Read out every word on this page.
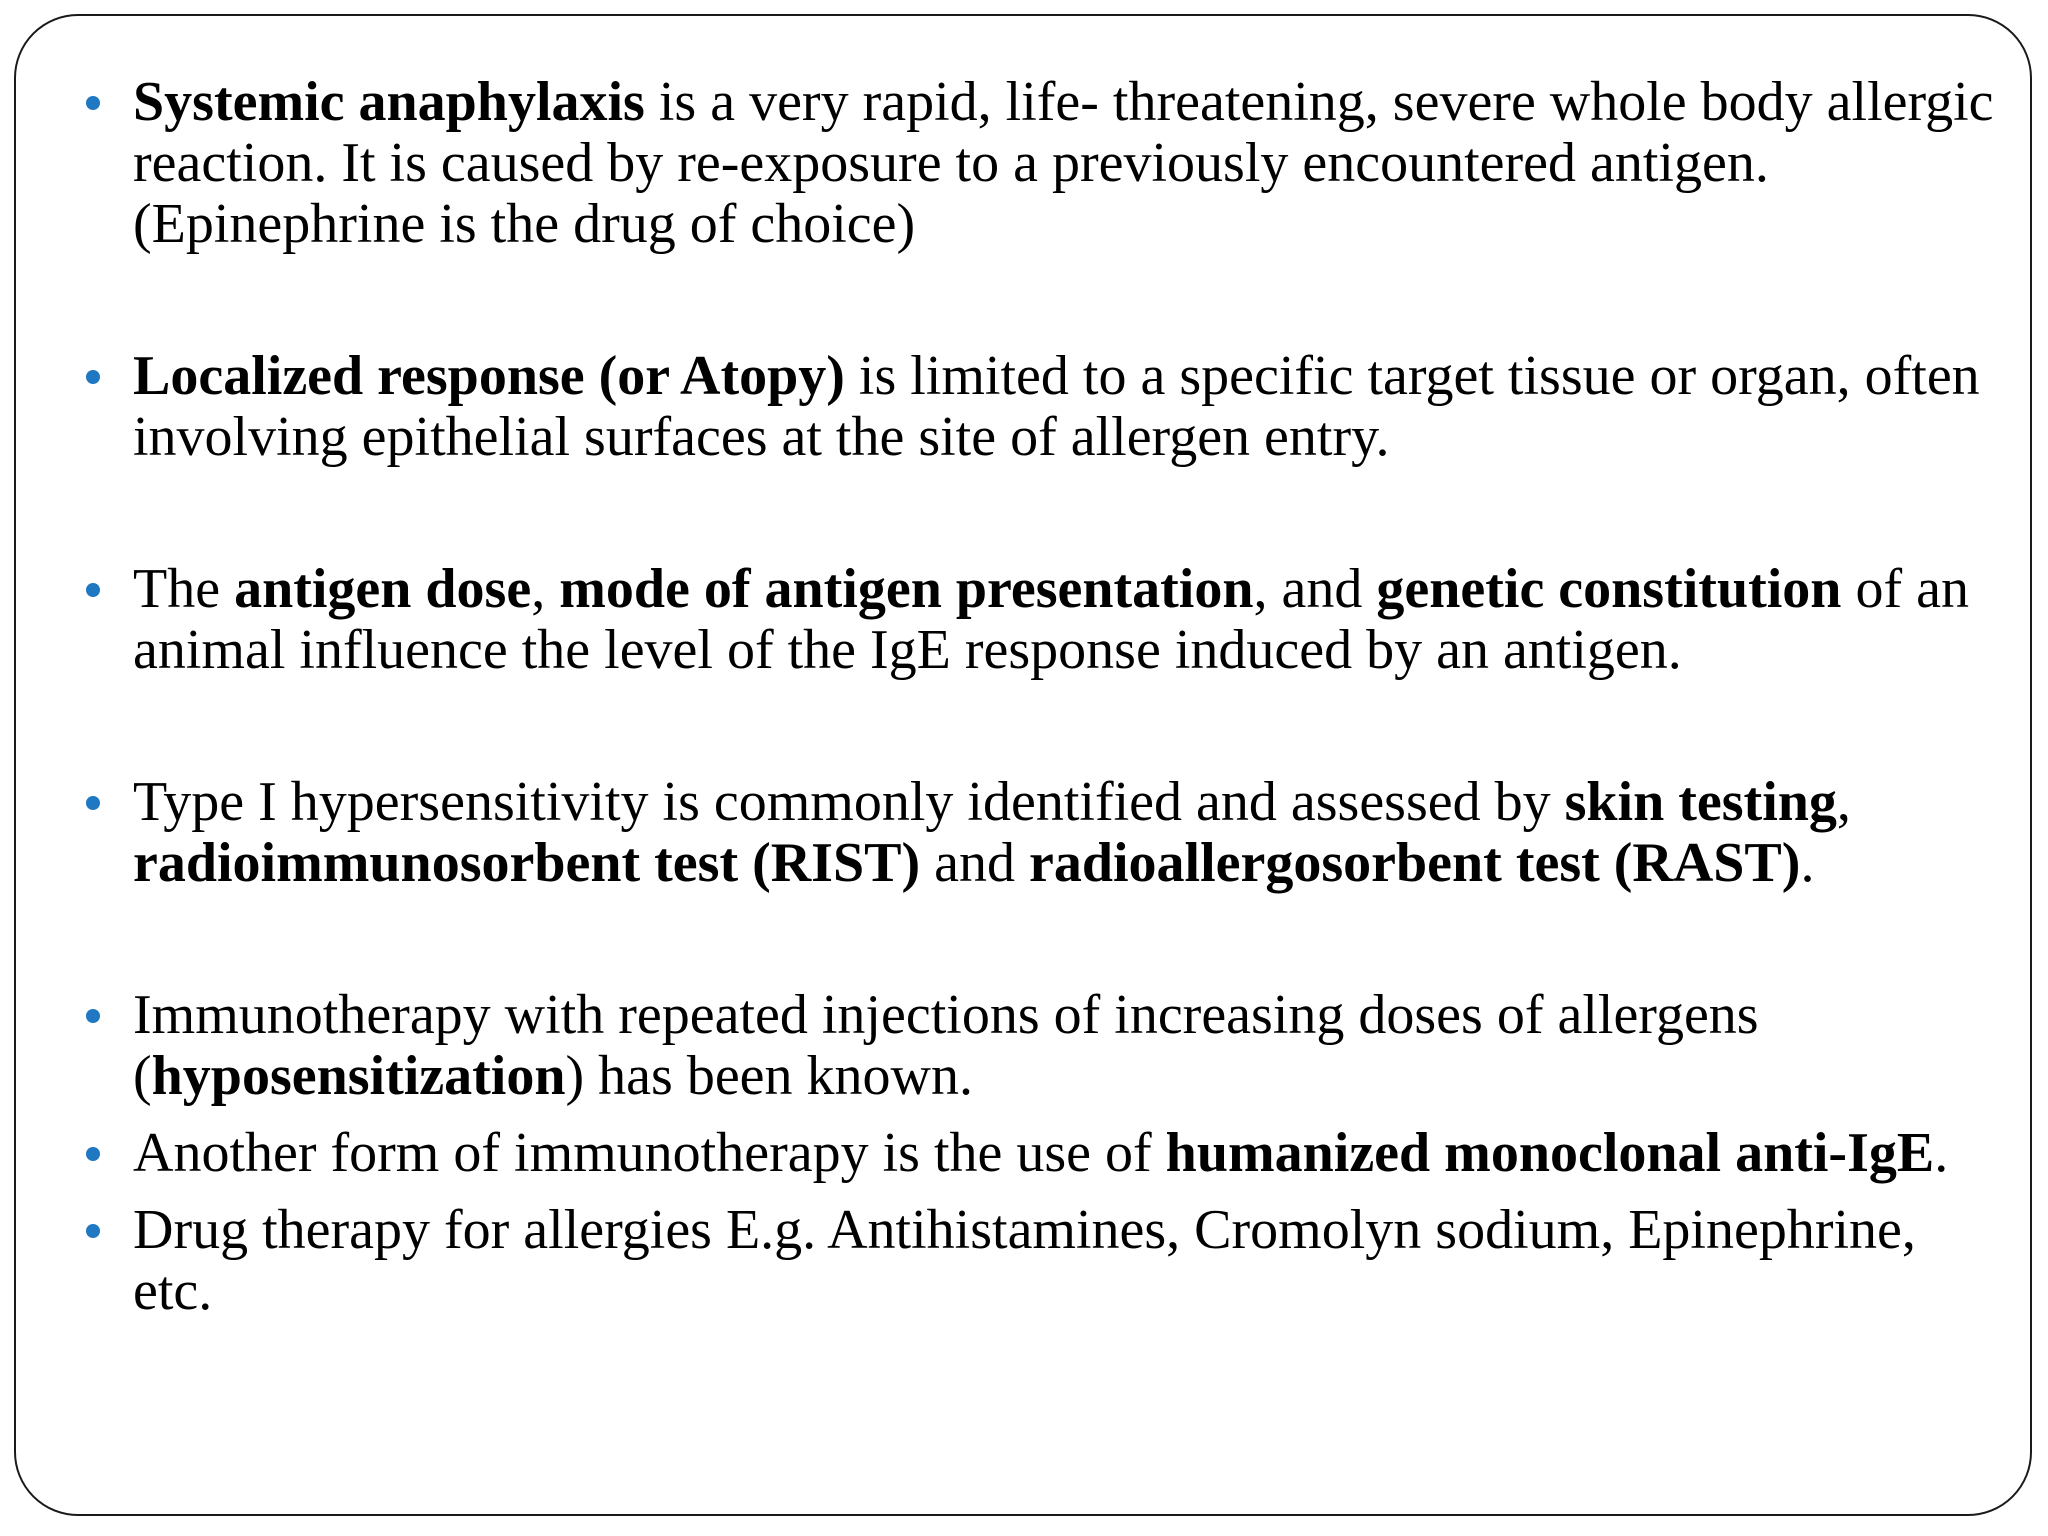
Systemic anaphylaxis is a very rapid, life- threatening, severe whole body allergic reaction. It is caused by re-exposure to a previously encountered antigen. (Epinephrine is the drug of choice)
Localized response (or Atopy) is limited to a specific target tissue or organ, often involving epithelial surfaces at the site of allergen entry.
The antigen dose, mode of antigen presentation, and genetic constitution of an animal influence the level of the IgE response induced by an antigen.
Type I hypersensitivity is commonly identified and assessed by skin testing, radioimmunosorbent test (RIST) and radioallergosorbent test (RAST).
Immunotherapy with repeated injections of increasing doses of allergens (hyposensitization) has been known.
Another form of immunotherapy is the use of humanized monoclonal anti-IgE.
Drug therapy for allergies E.g. Antihistamines, Cromolyn sodium, Epinephrine, etc.
